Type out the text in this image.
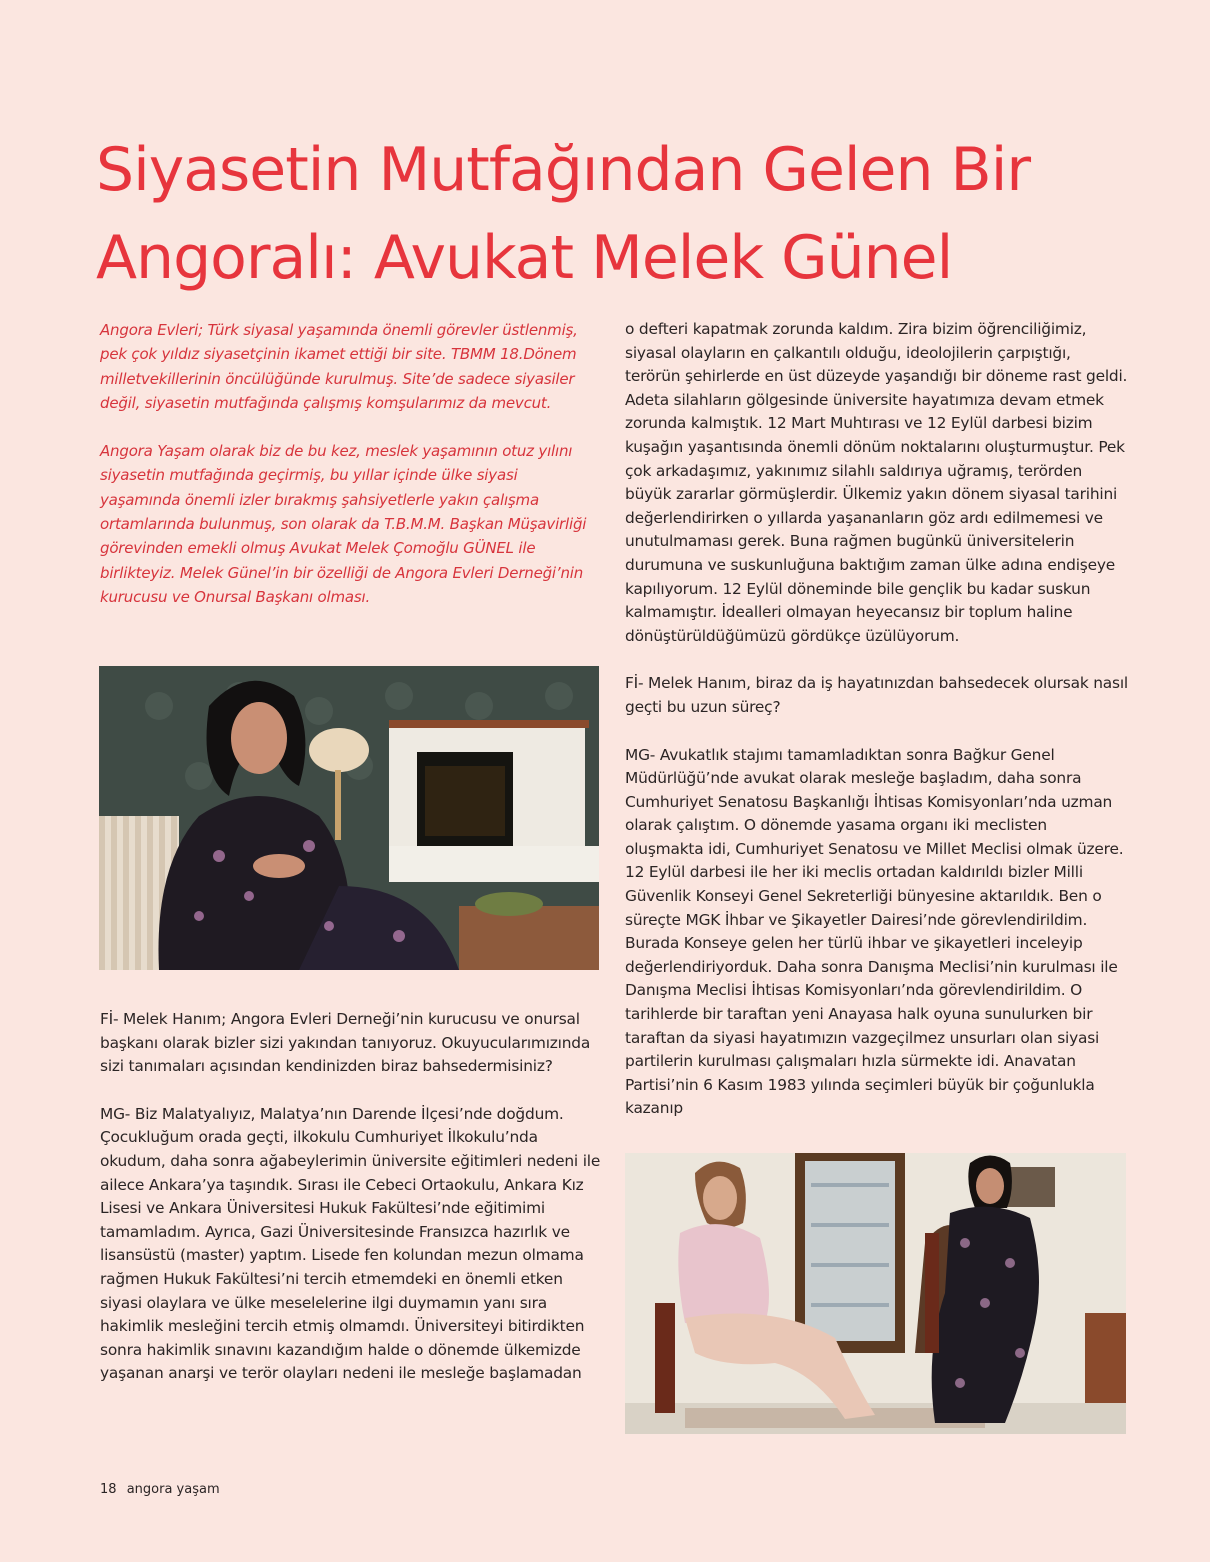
Siyasetin Mutfağından Gelen Bir
Angoralı: Avukat Melek Günel

Angora Evleri; Türk siyasal yaşamında önemli görevler üstlenmiş, pek çok yıldız siyasetçinin ikamet ettiği bir site. TBMM 18.Dönem milletvekillerinin öncülüğünde kurulmuş. Site’de sadece siyasiler değil, siyasetin mutfağında çalışmış komşularımız da mevcut.

Angora Yaşam olarak biz de bu kez, meslek yaşamının otuz yılını siyasetin mutfağında geçirmiş, bu yıllar içinde ülke siyasi yaşamında önemli izler bırakmış şahsiyetlerle yakın çalışma ortamlarında bulunmuş, son olarak da T.B.M.M. Başkan Müşavirliği görevinden emekli olmuş Avukat Melek Çomoğlu GÜNEL ile birlikteyiz. Melek Günel’in bir özelliği de Angora Evleri Derneği’nin kurucusu ve Onursal Başkanı olması.

Fİ- Melek Hanım; Angora Evleri Derneği’nin kurucusu ve onursal başkanı olarak bizler sizi yakından tanıyoruz. Okuyucularımızında sizi tanımaları açısından kendinizden biraz bahsedermisiniz?

MG- Biz Malatyalıyız, Malatya’nın Darende İlçesi’nde doğdum. Çocukluğum orada geçti, ilkokulu Cumhuriyet İlkokulu’nda okudum, daha sonra ağabeylerimin üniversite eğitimleri nedeni ile ailece Ankara’ya taşındık. Sırası ile Cebeci Ortaokulu, Ankara Kız Lisesi ve Ankara Üniversitesi Hukuk Fakültesi’nde eğitimimi tamamladım. Ayrıca, Gazi Üniversitesinde Fransızca hazırlık ve lisansüstü (master) yaptım. Lisede fen kolundan mezun olmama rağmen Hukuk Fakültesi’ni tercih etmemdeki en önemli etken siyasi olaylara ve ülke meselelerine ilgi duymamın yanı sıra hakimlik mesleğini tercih etmiş olmamdı. Üniversiteyi bitirdikten sonra hakimlik sınavını kazandığım halde o dönemde ülkemizde yaşanan anarşi ve terör olayları nedeni ile mesleğe başlamadan

o defteri kapatmak zorunda kaldım. Zira bizim öğrenciliğimiz, siyasal olayların en çalkantılı olduğu, ideolojilerin çarpıştığı, terörün şehirlerde en üst düzeyde yaşandığı bir döneme rast geldi. Adeta silahların gölgesinde üniversite hayatımıza devam etmek zorunda kalmıştık. 12 Mart Muhtırası ve 12 Eylül darbesi bizim kuşağın yaşantısında önemli dönüm noktalarını oluşturmuştur. Pek çok arkadaşımız, yakınımız silahlı saldırıya uğramış, terörden büyük zararlar görmüşlerdir. Ülkemiz yakın dönem siyasal tarihini değerlendirirken o yıllarda yaşananların göz ardı edilmemesi ve unutulmaması gerek. Buna rağmen bugünkü üniversitelerin durumuna ve suskunluğuna baktığım zaman ülke adına endişeye kapılıyorum. 12 Eylül döneminde bile gençlik bu kadar suskun kalmamıştır. İdealleri olmayan heyecansız bir toplum haline dönüştürüldüğümüzü gördükçe üzülüyorum.

Fİ- Melek Hanım, biraz da iş hayatınızdan bahsedecek olursak nasıl geçti bu uzun süreç?

MG- Avukatlık stajımı tamamladıktan sonra Bağkur Genel Müdürlüğü’nde avukat olarak mesleğe başladım, daha sonra Cumhuriyet Senatosu Başkanlığı İhtisas Komisyonları’nda uzman olarak çalıştım. O dönemde yasama organı iki meclisten oluşmakta idi, Cumhuriyet Senatosu ve Millet Meclisi olmak üzere. 12 Eylül darbesi ile her iki meclis ortadan kaldırıldı bizler Milli Güvenlik Konseyi Genel Sekreterliği bünyesine aktarıldık. Ben o süreçte MGK İhbar ve Şikayetler Dairesi’nde görevlendirildim. Burada Konseye gelen her türlü ihbar ve şikayetleri inceleyip değerlendiriyorduk. Daha sonra Danışma Meclisi’nin kurulması ile Danışma Meclisi İhtisas Komisyonları’nda görevlendirildim. O tarihlerde bir taraftan yeni Anayasa halk oyuna sunulurken bir taraftan da siyasi hayatımızın vazgeçilmez unsurları olan siyasi partilerin kurulması çalışmaları hızla sürmekte idi. Anavatan Partisi’nin 6 Kasım 1983 yılında seçimleri büyük bir çoğunlukla kazanıp

18 angora yaşam
